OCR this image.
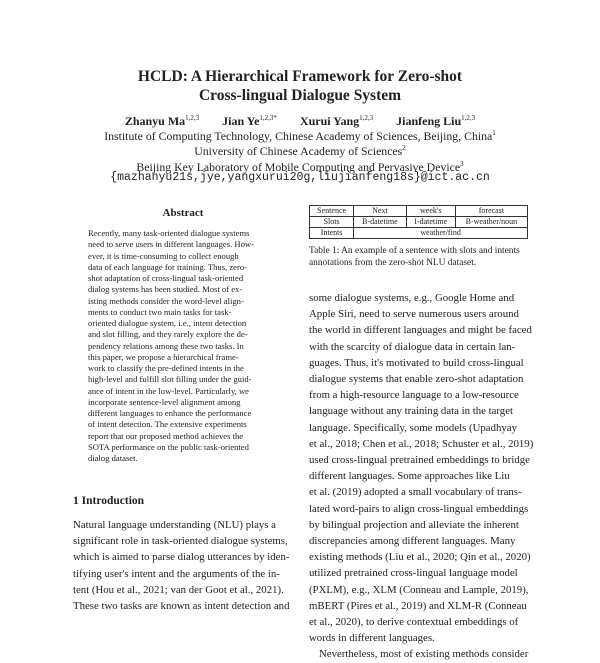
HCLD: A Hierarchical Framework for Zero-shot
Cross-lingual Dialogue System
Zhanyu Ma$^{1,2,3}$ Jian $Ye^{1,2,3*}$ Xurui Yang$^{1,2,3}$ Jianfeng Liu$^{1,2,3}$
Institute of Computing Technology, Chinese Academy of Sciences, Beijing, China$^1$
University of Chinese Academy of Sciences$^2$
Beijing Key Laboratory of Mobile Computing and Pervasive Device$^3$
{mazhanyu21s,jye,yangxurui20g,liujianfeng18s}@ict.ac.cn
Abstract
Recently, many task-oriented dialogue systems
need to serve users in different languages. How-
ever, it is time-consuming to collect enough
data of each language for training. Thus, zero-
shot adaptation of cross-lingual task-oriented
dialog systems has been studied. Most of ex-
isting methods consider the word-level align-
ments to conduct two main tasks for task-
oriented dialogue system, i.e., intent detection
and slot filling, and they rarely explore the de-
pendency relations among these two tasks. In
this paper, we propose a hierarchical frame-
work to classify the pre-defined intents in the
high-level and fulfill slot filling under the guid-
ance of intent in the low-level. Particularly, we
incorporate sentence-level alignment among
different languages to enhance the performance
of intent detection. The extensive experiments
report that our proposed method achieves the
SOTA performance on the public task-oriented
dialog dataset.
1 Introduction
Natural language understanding (NLU) plays a
significant role in task-oriented dialogue systems,
which is aimed to parse dialog utterances by iden-
tifying user's intent and the arguments of the in-
tent (Hou et al., 2021; van der Goot et al., 2021).
These two tasks are known as intent detection and
Sentence	Next	week's	forecast
Slots	B-datetime	I-datetime	B-weather/noun
Intents	weather/find		
Table 1: An example of a sentence with slots and intents annotations from the zero-shot NLU dataset.
some dialogue systems, e.g., Google Home and
Apple Siri, need to serve numerous users around
the world in different languages and might be faced
with the scarcity of dialogue data in certain lan-
guages. Thus, it's motivated to build cross-lingual
dialogue systems that enable zero-shot adaptation
from a high-resource language to a low-resource
language without any training data in the target
language. Specifically, some models (Upadhyay
et al., 2018; Chen et al., 2018; Schuster et al., 2019)
used cross-lingual pretrained embeddings to bridge
different languages. Some approaches like Liu
et al. (2019) adopted a small vocabulary of trans-
lated word-pairs to align cross-lingual embeddings
by bilingual projection and alleviate the inherent
discrepancies among different languages. Many
existing methods (Liu et al., 2020; Qin et al., 2020)
utilized pretrained cross-lingual language model
(PXLM), e.g., XLM (Conneau and Lample, 2019),
mBERT (Pires et al., 2019) and XLM-R (Conneau
et al., 2020), to derive contextual embeddings of
words in different languages.
Nevertheless, most of existing methods consider
